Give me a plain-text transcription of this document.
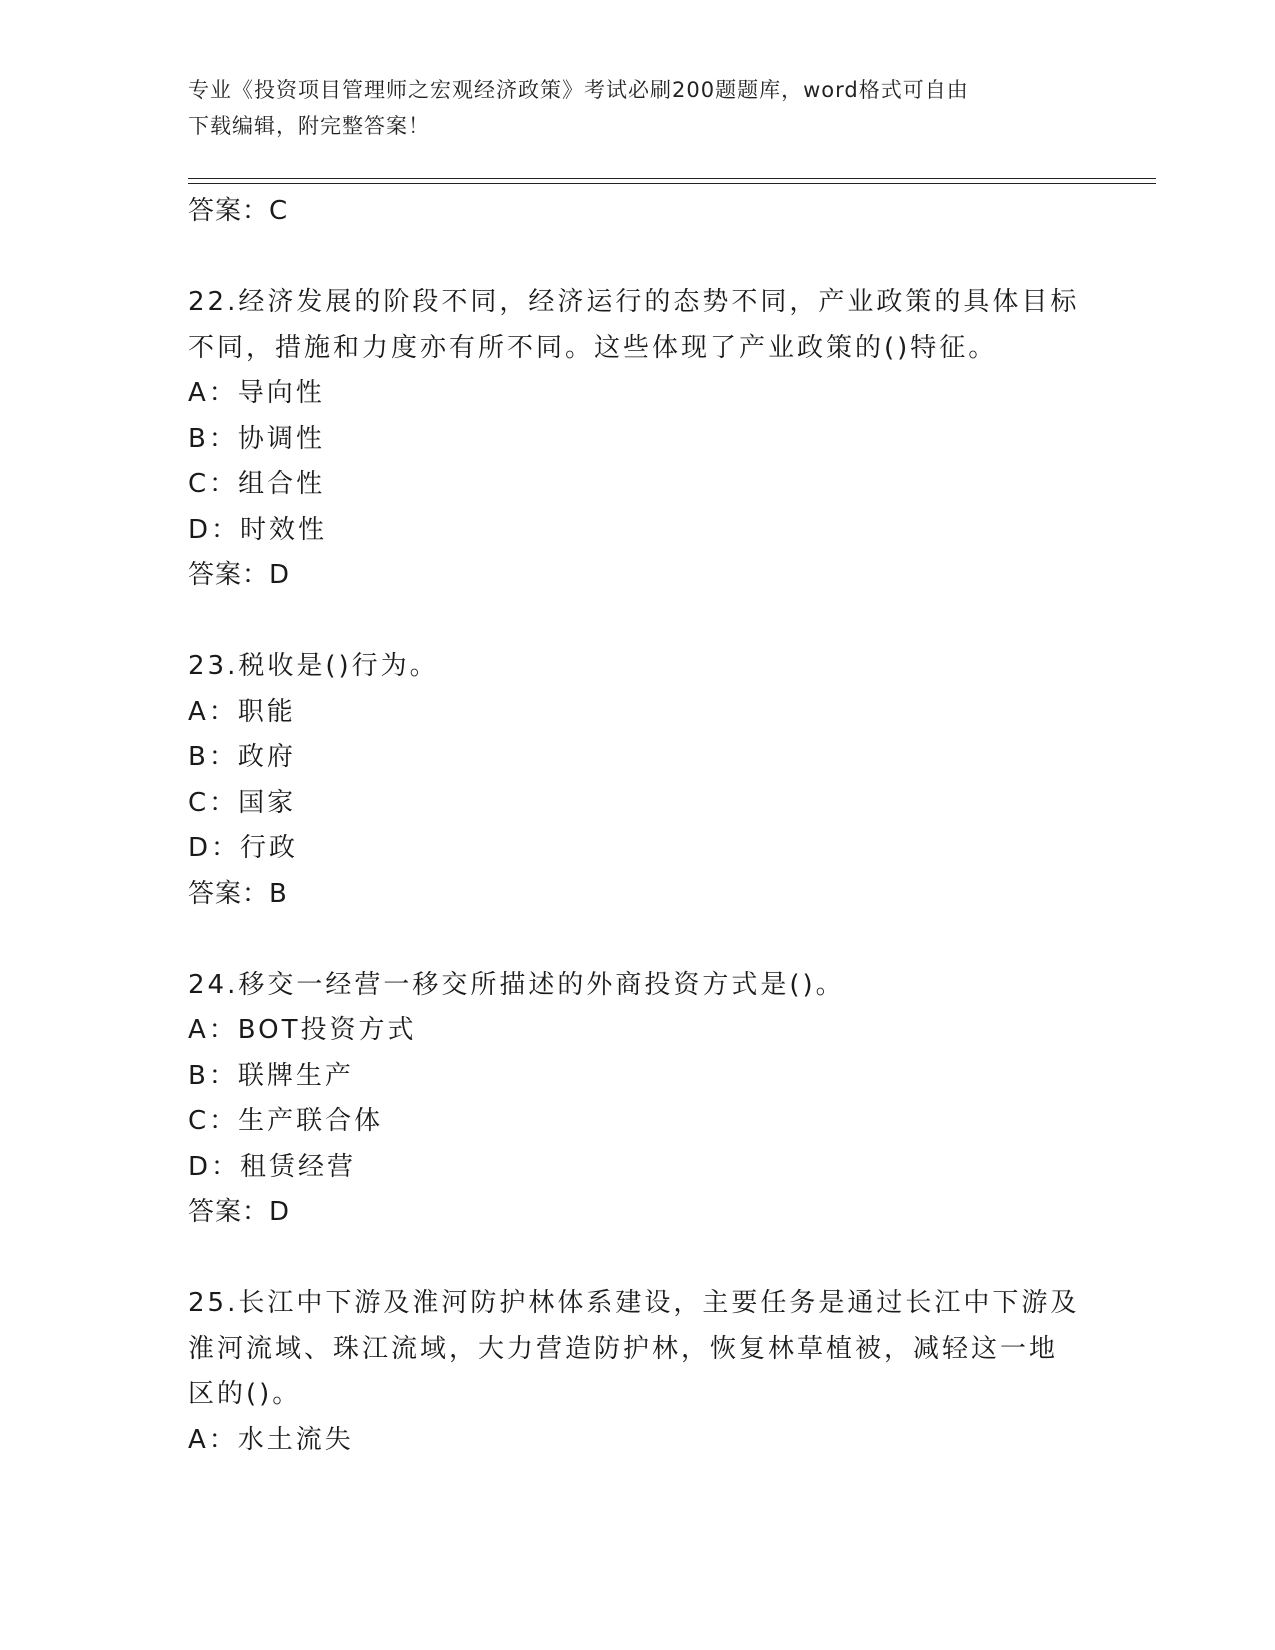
专业《投资项目管理师之宏观经济政策》考试必刷200题题库，word格式可自由
下载编辑，附完整答案！
答案：C
22.经济发展的阶段不同，经济运行的态势不同，产业政策的具体目标
不同，措施和力度亦有所不同。这些体现了产业政策的()特征。
A：导向性
B：协调性
C：组合性
D：时效性
答案：D
23.税收是()行为。
A：职能
B：政府
C：国家
D：行政
答案：B
24.移交一经营一移交所描述的外商投资方式是()。
A：BOT投资方式
B：联牌生产
C：生产联合体
D：租赁经营
答案：D
25.长江中下游及淮河防护林体系建设，主要任务是通过长江中下游及
淮河流域、珠江流域，大力营造防护林，恢复林草植被，减轻这一地
区的()。
A：水土流失
